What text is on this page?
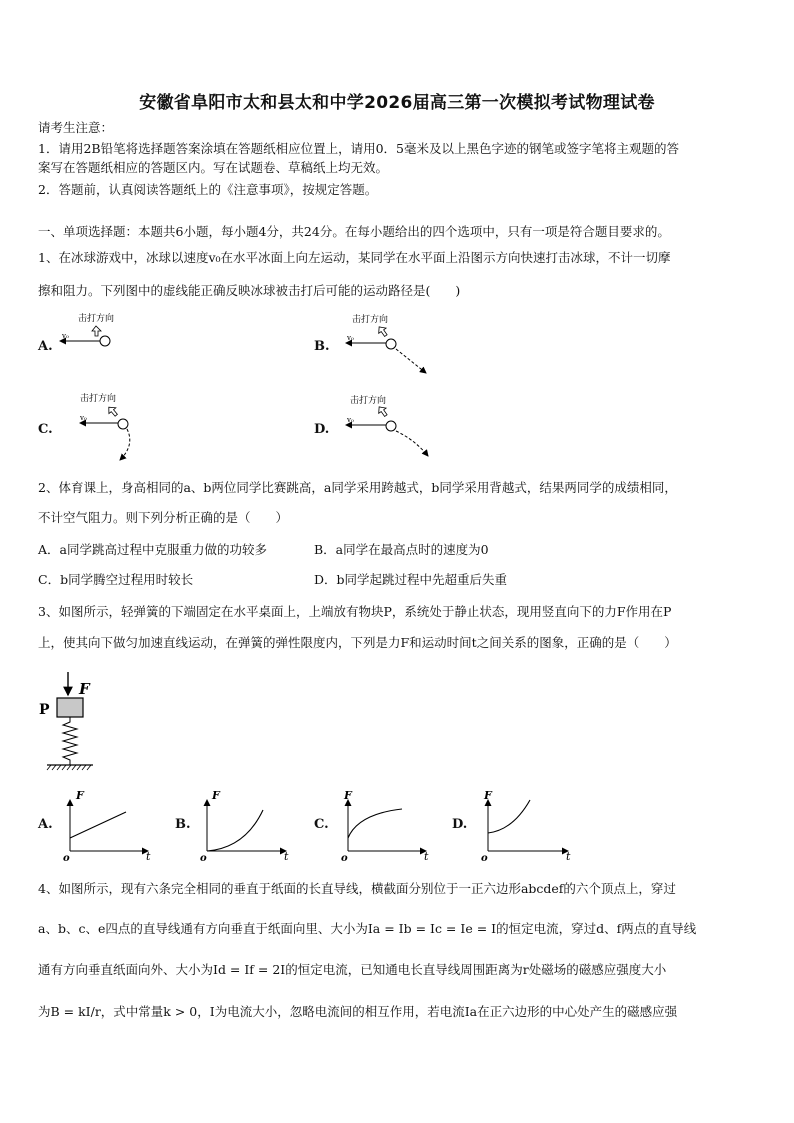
安徽省阜阳市太和县太和中学2026届高三第一次模拟考试物理试卷
请考生注意：
1．请用2B铅笔将选择题答案涂填在答题纸相应位置上，请用0．5毫米及以上黑色字迹的钢笔或签字笔将主观题的答
案写在答题纸相应的答题区内。写在试题卷、草稿纸上均无效。
2．答题前，认真阅读答题纸上的《注意事项》，按规定答题。
一、单项选择题：本题共6小题，每小题4分，共24分。在每小题给出的四个选项中，只有一项是符合题目要求的。
1、在冰球游戏中，冰球以速度v₀在水平冰面上向左运动，某同学在水平面上沿图示方向快速打击冰球，不计一切摩
擦和阻力。下列图中的虚线能正确反映冰球被击打后可能的运动路径是(　　)
A.	B.
C.	D.
击打方向
v₀
击打方向
v₀
击打方向
v₀
击打方向
v₀
2、体育课上，身高相同的a、b两位同学比赛跳高，a同学采用跨越式，b同学采用背越式，结果两同学的成绩相同，
不计空气阻力。则下列分析正确的是（　　）
A．a同学跳高过程中克服重力做的功较多	B．a同学在最高点时的速度为0
C．b同学腾空过程用时较长	D．b同学起跳过程中先超重后失重
3、如图所示，轻弹簧的下端固定在水平桌面上，上端放有物块P，系统处于静止状态，现用竖直向下的力F作用在P
上，使其向下做匀加速直线运动，在弹簧的弹性限度内，下列是力F和运动时间t之间关系的图象，正确的是（　　）
F
P
F
t
o
F
t
o
F
t
o
F
t
o
A.	B.	C.	D.
4、如图所示，现有六条完全相同的垂直于纸面的长直导线，横截面分别位于一正六边形abcdef的六个顶点上，穿过
a、b、c、e四点的直导线通有方向垂直于纸面向里、大小为Ia = Ib = Ic = Ie = I的恒定电流，穿过d、f两点的直导线
通有方向垂直纸面向外、大小为Id = If = 2I的恒定电流，已知通电长直导线周围距离为r处磁场的磁感应强度大小
为B = kI/r，式中常量k > 0，I为电流大小，忽略电流间的相互作用，若电流Ia在正六边形的中心处产生的磁感应强
